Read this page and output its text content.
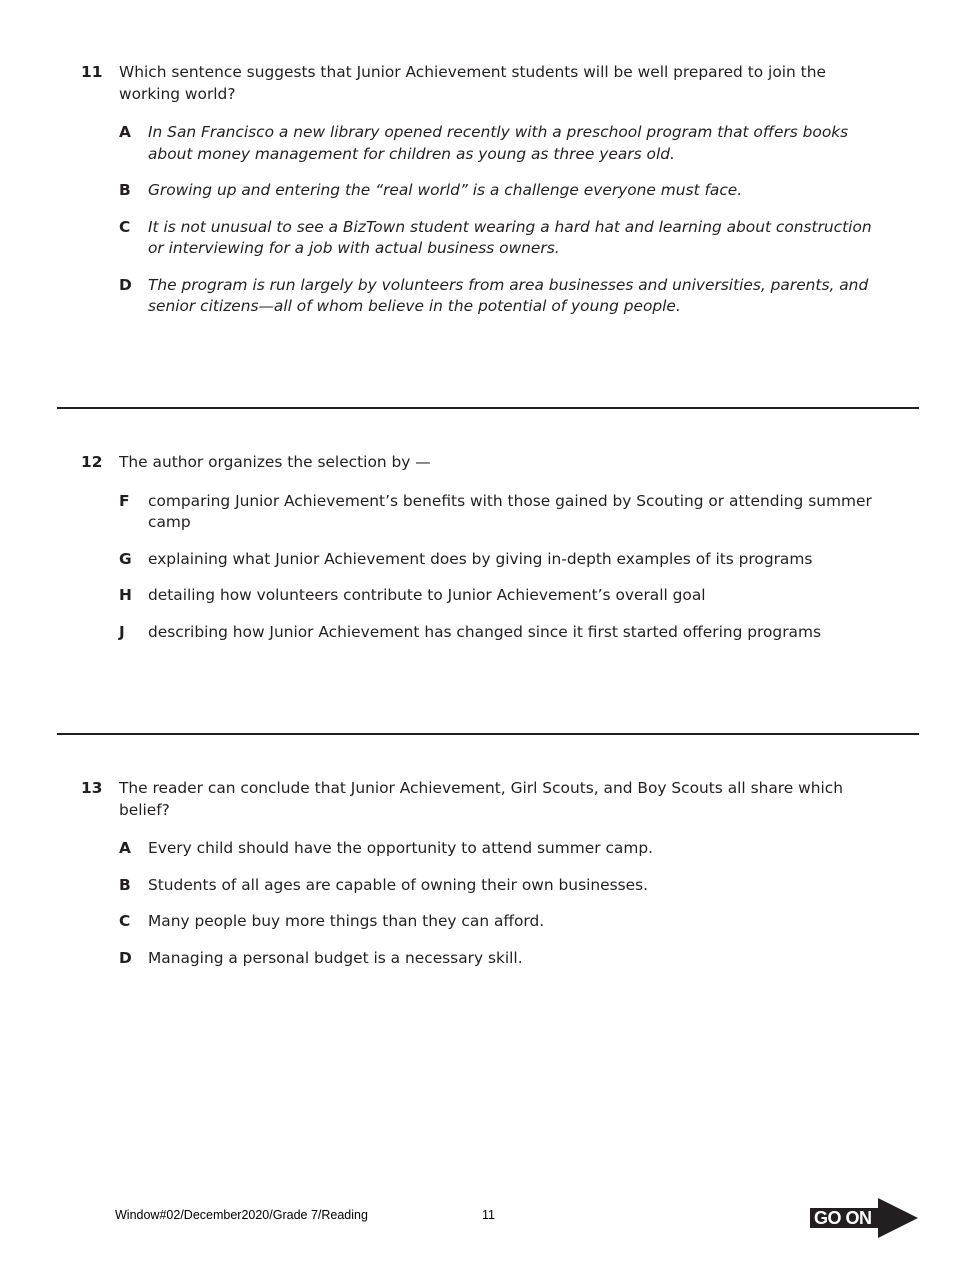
11	Which sentence suggests that Junior Achievement students will be well prepared to join the working world?
A	In San Francisco a new library opened recently with a preschool program that offers books about money management for children as young as three years old.
B	Growing up and entering the “real world” is a challenge everyone must face.
C	It is not unusual to see a BizTown student wearing a hard hat and learning about construction or interviewing for a job with actual business owners.
D	The program is run largely by volunteers from area businesses and universities, parents, and senior citizens—all of whom believe in the potential of young people.
12	The author organizes the selection by —
F	comparing Junior Achievement’s benefits with those gained by Scouting or attending summer camp
G	explaining what Junior Achievement does by giving in-depth examples of its programs
H	detailing how volunteers contribute to Junior Achievement’s overall goal
J	describing how Junior Achievement has changed since it first started offering programs
13	The reader can conclude that Junior Achievement, Girl Scouts, and Boy Scouts all share which belief?
A	Every child should have the opportunity to attend summer camp.
B	Students of all ages are capable of owning their own businesses.
C	Many people buy more things than they can afford.
D	Managing a personal budget is a necessary skill.
Window#02/December2020/Grade 7/Reading	11	GO ON
